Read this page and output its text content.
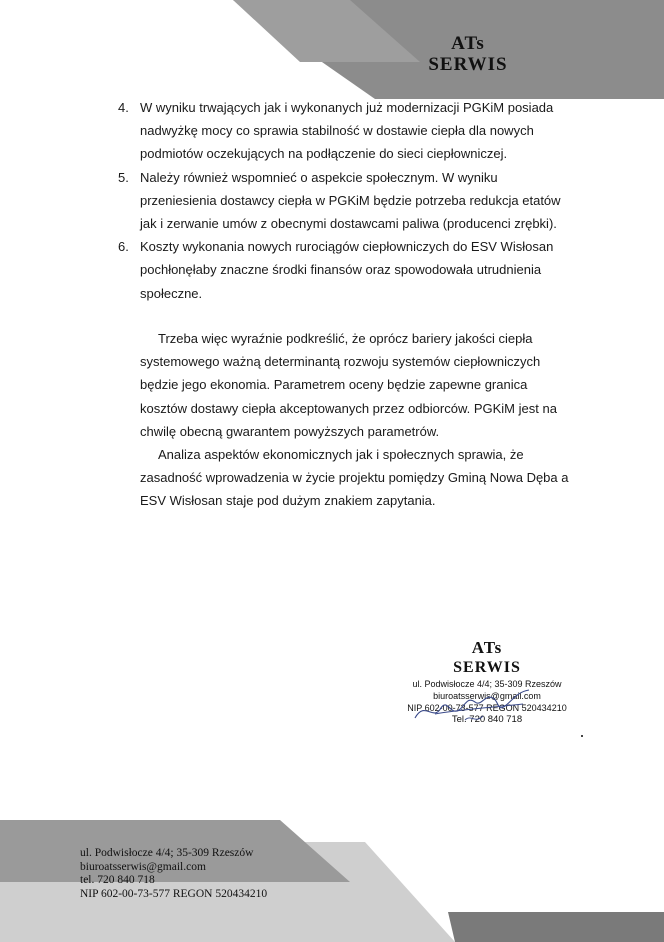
ATs
SERWIS
4. W wyniku trwających jak i wykonanych już modernizacji PGKiM posiada
nadwyżkę mocy co sprawia stabilność w dostawie ciepła dla nowych
podmiotów oczekujących na podłączenie do sieci ciepłowniczej.
5. Należy również wspomnieć o aspekcie społecznym. W wyniku
przeniesienia dostawcy ciepła w PGKiM będzie potrzeba redukcja etatów
jak i zerwanie umów z obecnymi dostawcami paliwa (producenci zrębki).
6. Koszty wykonania nowych rurociągów ciepłowniczych do ESV Wisłosan
pochłonęłaby znaczne środki finansów oraz spowodowała utrudnienia
społeczne.
Trzeba więc wyraźnie podkreślić, że oprócz bariery jakości ciepła
systemowego ważną determinantą rozwoju systemów ciepłowniczych
będzie jego ekonomia. Parametrem oceny będzie zapewne granica
kosztów dostawy ciepła akceptowanych przez odbiorców. PGKiM jest na
chwilę obecną gwarantem powyższych parametrów.
Analiza aspektów ekonomicznych jak i społecznych sprawia, że
zasadność wprowadzenia w życie projektu pomiędzy Gminą Nowa Dęba a
ESV Wisłosan staje pod dużym znakiem zapytania.
ATs
SERWIS
ul. Podwisłocze 4/4; 35-309 Rzeszów
biuroatsserwis@gmail.com
NIP 602-00-73-577 REGON 520434210
Tel. 720 840 718
ul. Podwisłocze 4/4; 35-309 Rzeszów
biuroatsserwis@gmail.com
tel. 720 840 718
NIP 602-00-73-577 REGON 520434210
